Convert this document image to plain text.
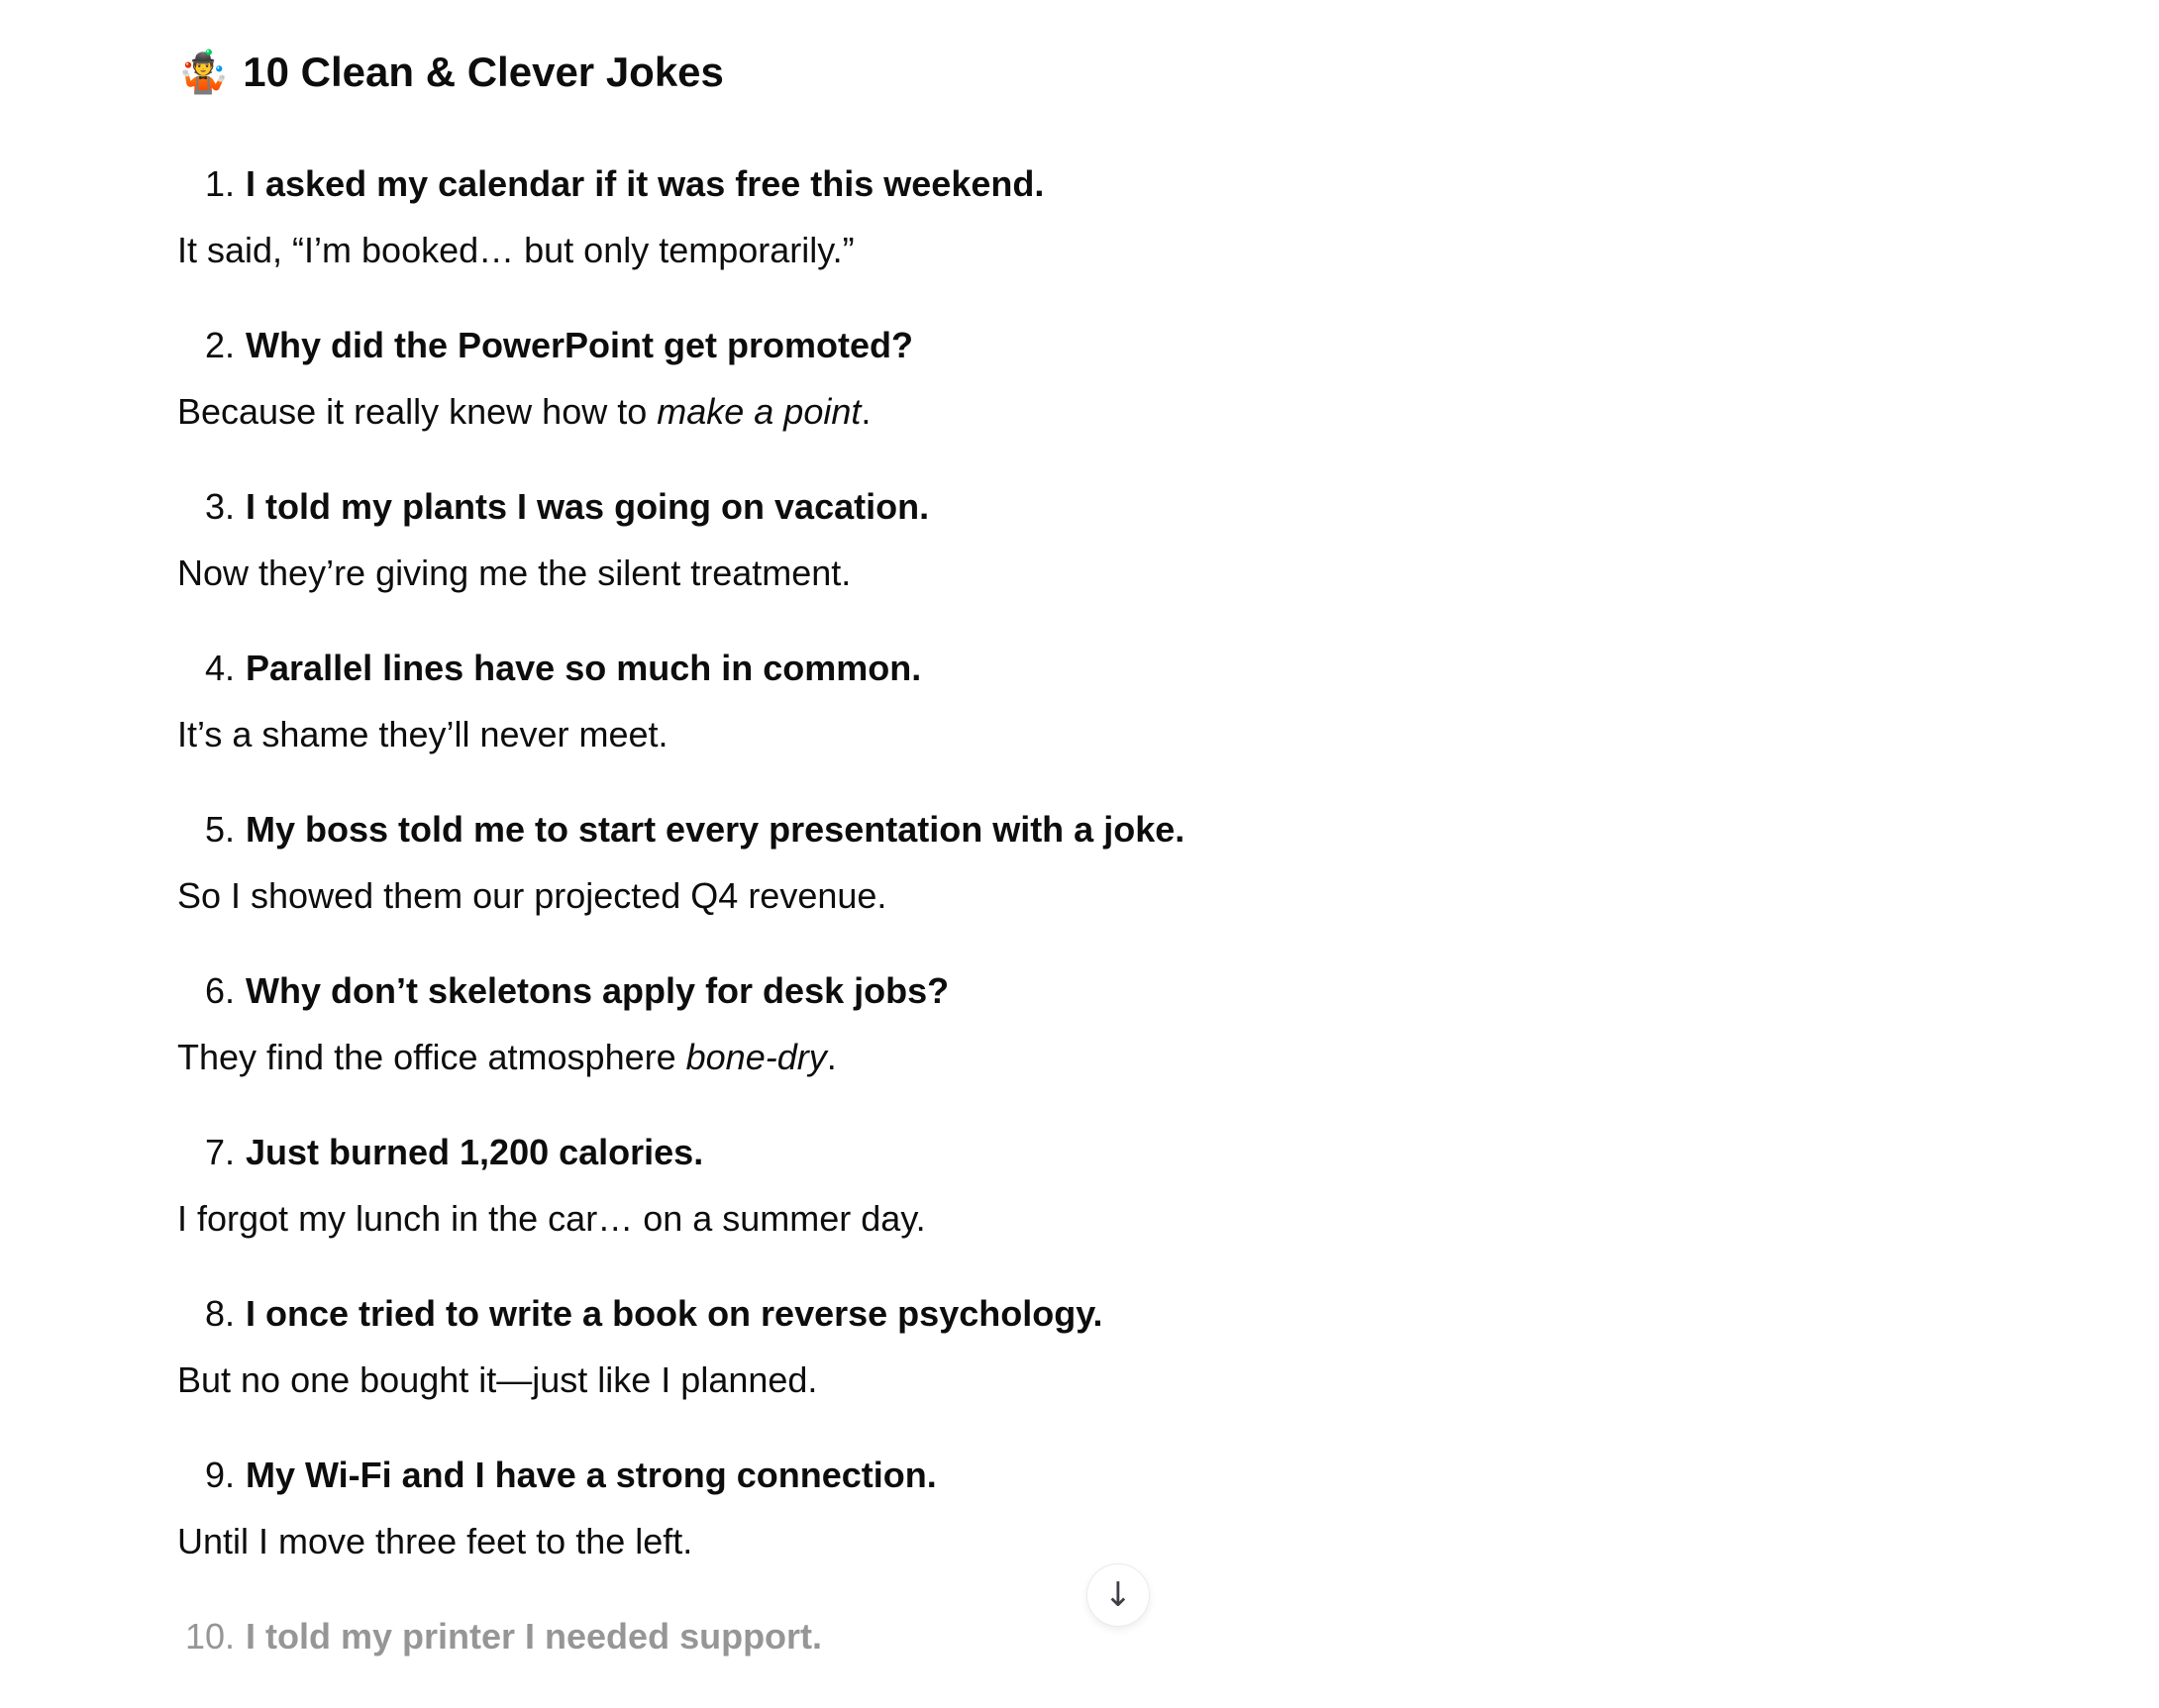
🤹 10 Clean & Clever Jokes
1. I asked my calendar if it was free this weekend.

It said, “I’m booked… but only temporarily.”

2. Why did the PowerPoint get promoted?

Because it really knew how to make a point.

3. I told my plants I was going on vacation.

Now they’re giving me the silent treatment.

4. Parallel lines have so much in common.

It’s a shame they’ll never meet.

5. My boss told me to start every presentation with a joke.

So I showed them our projected Q4 revenue.

6. Why don’t skeletons apply for desk jobs?

They find the office atmosphere bone-dry.

7. Just burned 1,200 calories.

I forgot my lunch in the car… on a summer day.

8. I once tried to write a book on reverse psychology.

But no one bought it—just like I planned.

9. My Wi-Fi and I have a strong connection.

Until I move three feet to the left.

10. I told my printer I needed support.
↓
